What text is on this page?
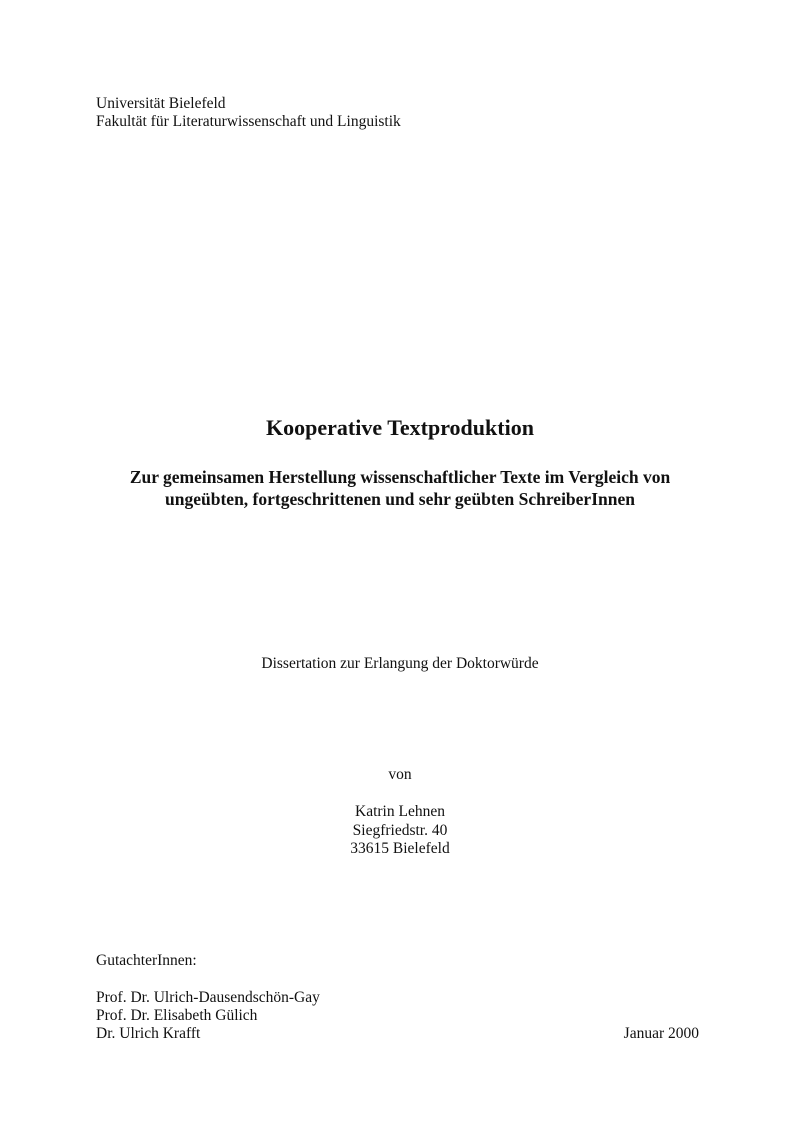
Universität Bielefeld
Fakultät für Literaturwissenschaft und Linguistik
Kooperative Textproduktion
Zur gemeinsamen Herstellung wissenschaftlicher Texte im Vergleich von
ungeübten, fortgeschrittenen und sehr geübten SchreiberInnen
Dissertation zur Erlangung der Doktorwürde
von
Katrin Lehnen
Siegfriedstr. 40
33615 Bielefeld
GutachterInnen:
Prof. Dr. Ulrich-Dausendschön-Gay
Prof. Dr. Elisabeth Gülich
Dr. Ulrich Krafft	Januar 2000
